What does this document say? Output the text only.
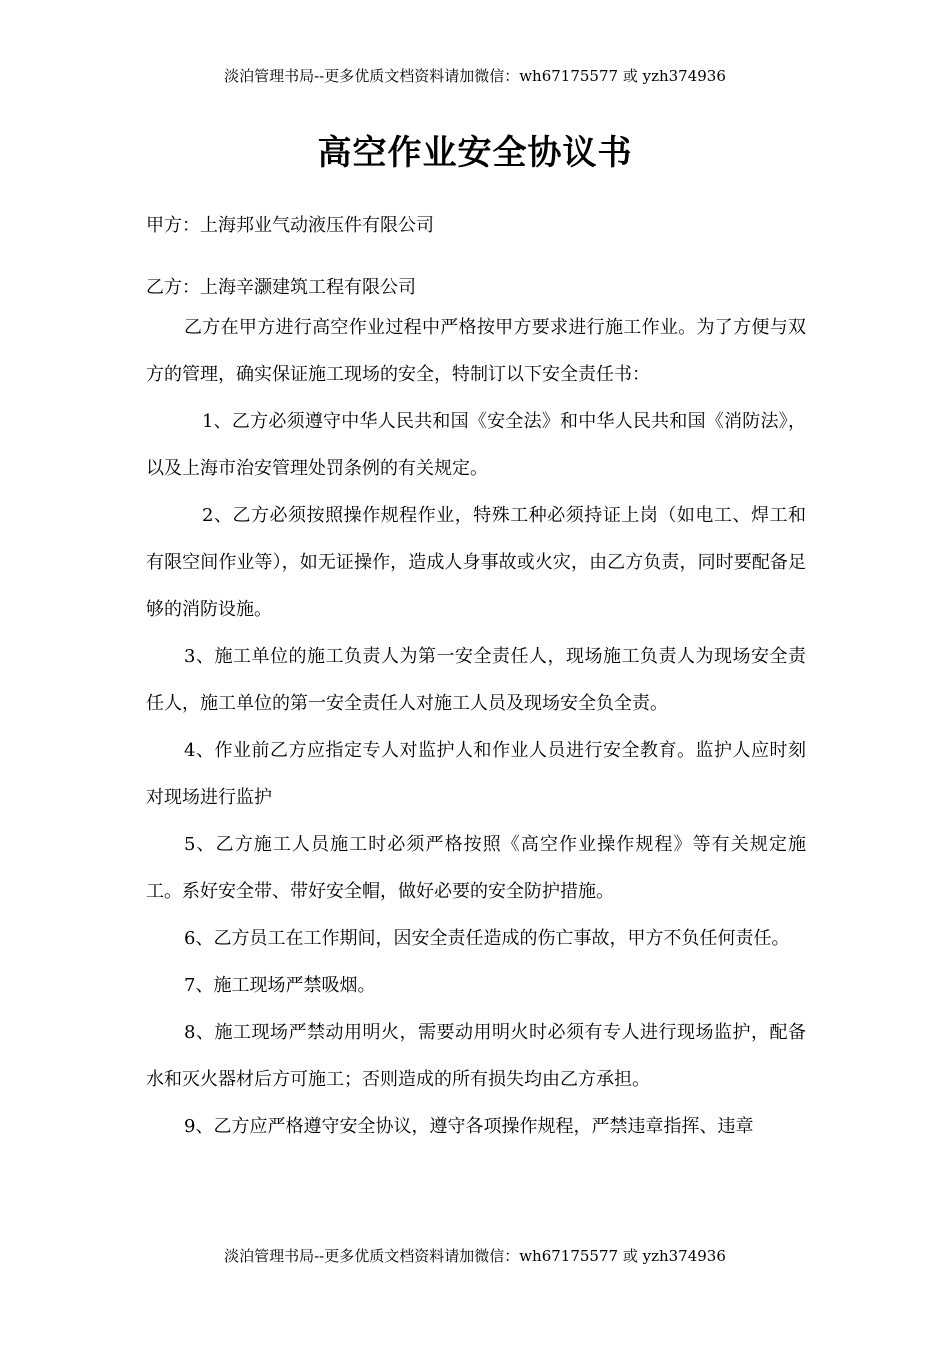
淡泊管理书局--更多优质文档资料请加微信：wh67175577 或 yzh374936
高空作业安全协议书

甲方：上海邦业气动液压件有限公司

乙方：上海辛灏建筑工程有限公司

乙方在甲方进行高空作业过程中严格按甲方要求进行施工作业。为了方便与双方的管理，确实保证施工现场的安全，特制订以下安全责任书：

1、乙方必须遵守中华人民共和国《安全法》和中华人民共和国《消防法》，以及上海市治安管理处罚条例的有关规定。

2、乙方必须按照操作规程作业，特殊工种必须持证上岗（如电工、焊工和有限空间作业等），如无证操作，造成人身事故或火灾，由乙方负责，同时要配备足够的消防设施。

3、施工单位的施工负责人为第一安全责任人，现场施工负责人为现场安全责任人，施工单位的第一安全责任人对施工人员及现场安全负全责。

4、作业前乙方应指定专人对监护人和作业人员进行安全教育。监护人应时刻对现场进行监护

5、乙方施工人员施工时必须严格按照《高空作业操作规程》等有关规定施工。系好安全带、带好安全帽，做好必要的安全防护措施。

6、乙方员工在工作期间，因安全责任造成的伤亡事故，甲方不负任何责任。

7、施工现场严禁吸烟。

8、施工现场严禁动用明火，需要动用明火时必须有专人进行现场监护，配备水和灭火器材后方可施工；否则造成的所有损失均由乙方承担。

9、乙方应严格遵守安全协议，遵守各项操作规程，严禁违章指挥、违章

淡泊管理书局--更多优质文档资料请加微信：wh67175577 或 yzh374936
